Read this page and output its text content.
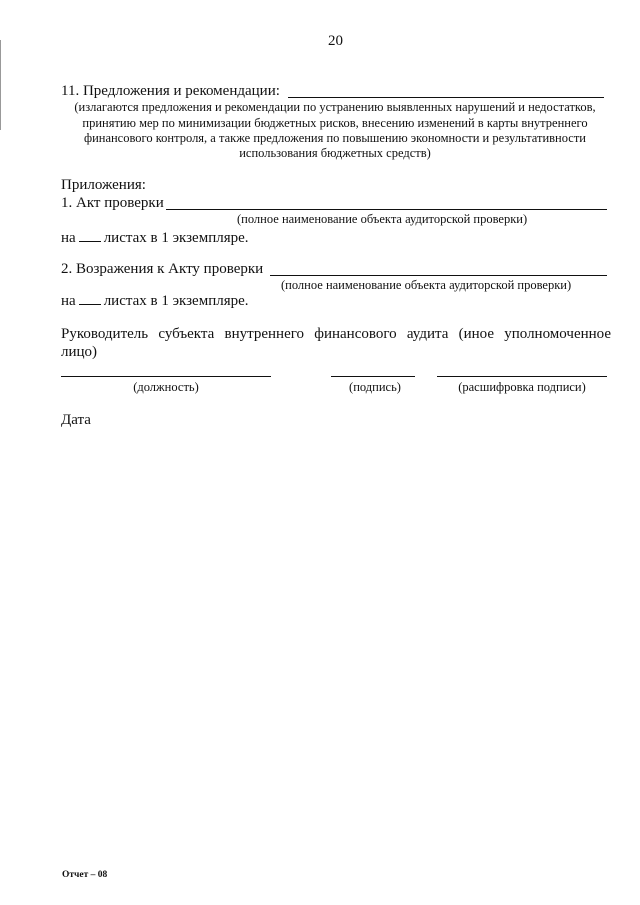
20
11. Предложения и рекомендации:
(излагаются предложения и рекомендации по устранению выявленных нарушений и недостатков,
принятию мер по минимизации бюджетных рисков, внесению изменений в карты внутреннего
финансового контроля, а также предложения по повышению экономности и результативности
использования бюджетных средств)
Приложения:
1. Акт проверки
(полное наименование объекта аудиторской проверки)
на листах в 1 экземпляре.
2. Возражения к Акту проверки
(полное наименование объекта аудиторской проверки)
на листах в 1 экземпляре.
Руководитель субъекта внутреннего финансового аудита (иное уполномоченное
лицо)
(должность)	(подпись)	(расшифровка подписи)
Дата
Отчет – 08
